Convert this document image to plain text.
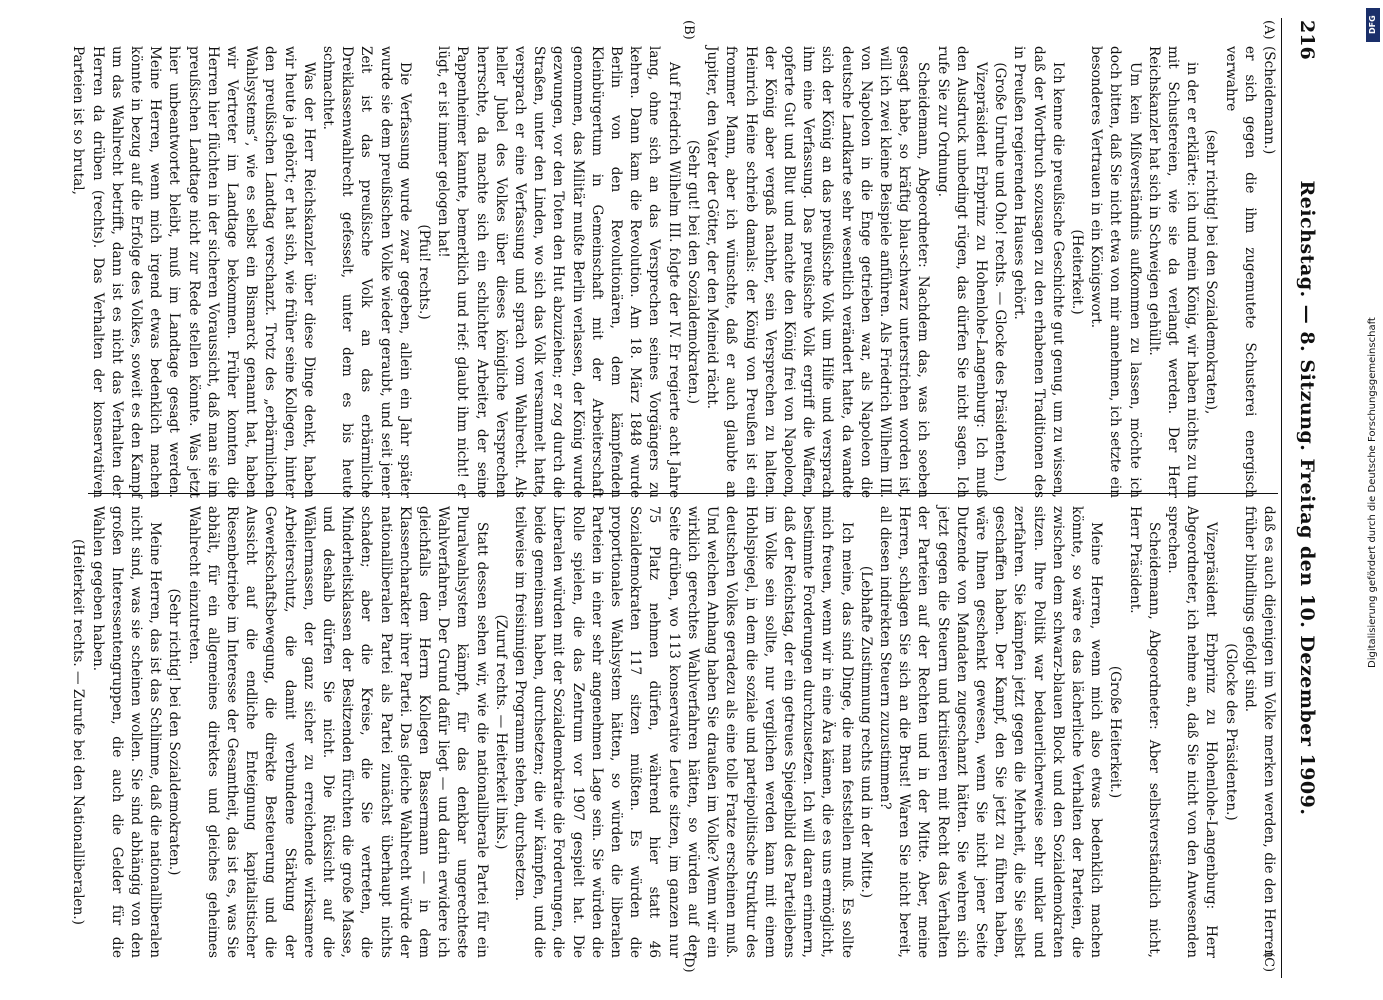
DFG
Digitalisierung gefördert durch die Deutsche Forschungsgemeinschaft
216
Reichstag. — 8. Sitzung. Freitag den 10. Dezember 1909.
(A)
(B)
(C)
(D)

(Scheidemann.)

er sich gegen die ihm zugemutete Schusterei energisch verwahre

(sehr richtig! bei den Sozialdemokraten),

in der er erklärte: ich und mein König, wir haben nichts zu tun mit Schustereien, wie sie da verlangt werden. Der Herr Reichskanzler hat sich in Schweigen gehüllt.

Um kein Mißverständnis aufkommen zu lassen, möchte ich doch bitten, daß Sie nicht etwa von mir annehmen, ich setzte ein besonderes Vertrauen in ein Königswort.

(Heiterkeit.)

Ich kenne die preußische Geschichte gut genug, um zu wissen, daß der Wortbruch sozusagen zu den erhabenen Traditionen des in Preußen regierenden Hauses gehört.

(Große Unruhe und Oho! rechts. — Glocke des Präsidenten.)

Vizepräsident Erbprinz zu Hohenlohe-Langenburg: Ich muß den Ausdruck unbedingt rügen, das dürfen Sie nicht sagen. Ich rufe Sie zur Ordnung.

Scheidemann, Abgeordneter: Nachdem das, was ich soeben gesagt habe, so kräftig blau-schwarz unterstrichen worden ist, will ich zwei kleine Beispiele anführen. Als Friedrich Wilhelm III. von Napoleon in die Enge getrieben war, als Napoleon die deutsche Landkarte sehr wesentlich verändert hatte, da wandte sich der König an das preußische Volk um Hilfe und versprach ihm eine Verfassung. Das preußische Volk ergriff die Waffen, opferte Gut und Blut und machte den König frei von Napoleon, der König aber vergaß nachher, sein Versprechen zu halten. Heinrich Heine schrieb damals: der König von Preußen ist ein frommer Mann, aber ich wünschte, daß er auch glaubte an Jupiter, den Vater der Götter, der den Meineid rächt.

(Sehr gut! bei den Sozialdemokraten.)

Auf Friedrich Wilhelm III. folgte der IV. Er regierte acht Jahre lang, ohne sich an das Versprechen seines Vorgängers zu kehren. Dann kam die Revolution. Am 18. März 1848 wurde Berlin von den Revolutionären, dem kämpfenden Kleinbürgertum in Gemeinschaft mit der Arbeiterschaft genommen, das Militär mußte Berlin verlassen, der König wurde gezwungen, vor den Toten den Hut abzuziehen; er zog durch die Straßen, unter den Linden, wo sich das Volk versammelt hatte, versprach er eine Verfassung und sprach vom Wahlrecht. Als heller Jubel des Volkes über dieses königliche Versprechen herrschte, da machte sich ein schlichter Arbeiter, der seine Pappenheimer kannte, bemerklich und rief: glaubt ihm nicht! er lügt, er ist immer gelogen hat!

(Pfui! rechts.)

Die Verfassung wurde zwar gegeben, allein ein Jahr später wurde sie dem preußischen Volke wieder geraubt, und seit jener Zeit ist das preußische Volk an das erbärmliche Dreiklassenwahlrecht gefesselt, unter dem es bis heute schmachtet.

Was der Herr Reichskanzler über diese Dinge denkt, haben wir heute ja gehört; er hat sich, wie früher seine Kollegen, hinter den preußischen Landtag verschanzt. Trotz des „erbärmlichen Wahlsystems“, wie es selbst ein Bismarck genannt hat, haben wir Vertreter im Landtage bekommen. Früher konnten die Herren hier flüchten in der sicheren Voraussicht, daß man sie im preußischen Landtage nicht zur Rede stellen könnte. Was jetzt hier unbeantwortet bleibt, muß im Landtage gesagt werden. Meine Herren, wenn mich irgend etwas bedenklich machen könnte in bezug auf die Erfolge des Volkes, soweit es den Kampf um das Wahlrecht betrifft, dann ist es nicht das Verhalten der Herren da drüben (rechts). Das Verhalten der konservativen Parteien ist so brutal,

daß es auch diejenigen im Volke merken werden, die den Herren früher blindlings gefolgt sind.

(Glocke des Präsidenten.)

Vizepräsident Erbprinz zu Hohenlohe-Langenburg: Herr Abgeordneter, ich nehme an, daß Sie nicht von den Anwesenden sprechen.

Scheidemann, Abgeordneter: Aber selbstverständlich nicht, Herr Präsident.

(Große Heiterkeit.)

Meine Herren, wenn mich also etwas bedenklich machen könnte, so wäre es das lächerliche Verhalten der Parteien, die zwischen dem schwarz-blauen Block und den Sozialdemokraten sitzen. Ihre Politik war bedauerlicherweise sehr unklar und zerfahren. Sie kämpfen jetzt gegen die Mehrheit, die Sie selbst geschaffen haben. Der Kampf, den Sie jetzt zu führen haben, wäre Ihnen geschenkt gewesen, wenn Sie nicht jener Seite Dutzende von Mandaten zugeschanzt hätten. Sie wehren sich jetzt gegen die Steuern und kritisieren mit Recht das Verhalten der Parteien auf der Rechten und in der Mitte. Aber, meine Herren, schlagen Sie sich an die Brust! Waren Sie nicht bereit, all diesen indirekten Steuern zuzustimmen?

(Lebhafte Zustimmung rechts und in der Mitte.)

Ich meine, das sind Dinge, die man feststellen muß. Es sollte mich freuen, wenn wir in eine Ära kämen, die es uns ermöglicht, bestimmte Forderungen durchzusetzen. Ich will daran erinnern, daß der Reichstag, der ein getreues Spiegelbild des Parteilebens im Volke sein sollte, nur verglichen werden kann mit einem Hohlspiegel, in dem die soziale und parteipolitische Struktur des deutschen Volkes geradezu als eine tolle Fratze erscheinen muß. Und welchen Anhang haben Sie draußen im Volke? Wenn wir ein wirklich gerechtes Wahlverfahren hätten, so würden auf der Seite drüben, wo 113 konservative Leute sitzen, im ganzen nur 75 Platz nehmen dürfen, während hier statt 46 Sozialdemokraten 117 sitzen müßten. Es würden die proportionales Wahlsystem hätten, so würden die liberalen Parteien in einer sehr angenehmen Lage sein. Sie würden die Rolle spielen, die das Zentrum vor 1907 gespielt hat. Die Liberalen würden mit der Sozialdemokratie die Forderungen, die beide gemeinsam haben, durchsetzen; die wir kämpfen, und die teilweise im freisinnigen Programm stehen, durchsetzen.

(Zuruf rechts. — Heiterkeit links.)

Statt dessen sehen wir, wie die nationalliberale Partei für ein Pluralwahlsystem kämpft, für das denkbar ungerechteste Wahlverfahren. Der Grund dafür liegt — und darin erwidere ich gleichfalls dem Herrn Kollegen Bassermann — in dem Klassencharakter ihrer Partei. Das gleiche Wahlrecht würde der nationalliberalen Partei als Partei zunächst überhaupt nichts schaden; aber die Kreise, die Sie vertreten, die Minderheitsklassen der Besitzenden fürchten die große Masse, und deshalb dürfen Sie nicht. Die Rücksicht auf die Wählermassen, der ganz sicher zu erreichende wirksamere Arbeiterschutz, die damit verbundene Stärkung der Gewerkschaftsbewegung, die direkte Besteuerung und die Aussicht auf die endliche Enteignung kapitalistischer Riesenbetriebe im Interesse der Gesamtheit, das ist es, was Sie abhält, für ein allgemeines direktes und gleiches geheimes Wahlrecht einzutreten.

(Sehr richtig! bei den Sozialdemokraten.)

Meine Herren, das ist das Schlimme, daß die nationalliberalen nicht sind, was sie scheinen wollen. Sie sind abhängig von den großen Interessentengruppen, die auch die Gelder für die Wahlen gegeben haben.

(Heiterkeit rechts. — Zurufe bei den Nationalliberalen.)
